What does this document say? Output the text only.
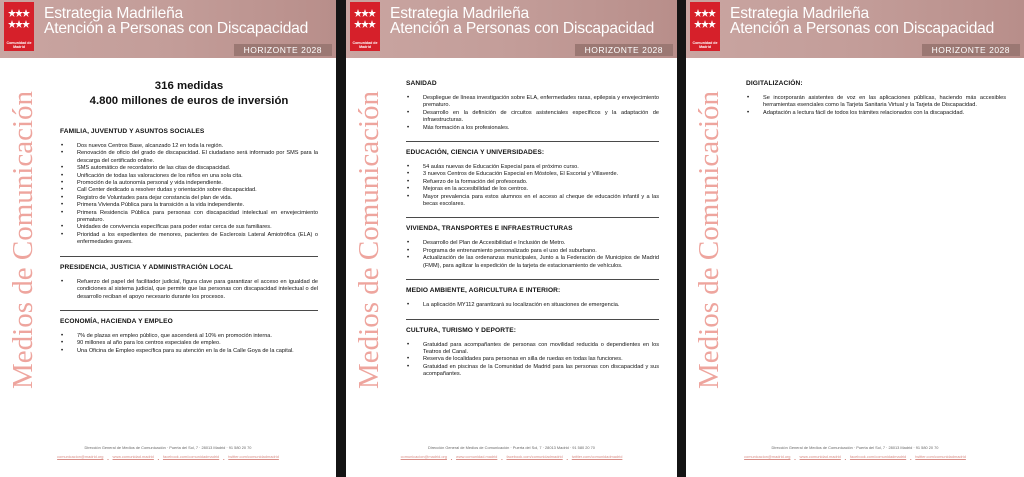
Comunidad de Madrid
Estrategia Madrileña
Atención a Personas con Discapacidad
HORIZONTE 2028
Medios de Comunicación
316 medidas
4.800 millones de euros de inversión
FAMILIA, JUVENTUD Y ASUNTOS SOCIALES
• Dos nuevos Centros Base, alcanzado 12 en toda la región.
• Renovación de oficio del grado de discapacidad. El ciudadano será informado por SMS para la descarga del certificado online.
• SMS automático de recordatorio de las citas de discapacidad.
• Unificación de todas las valoraciones de los niños en una sola cita.
• Promoción de la autonomía personal y vida independiente.
• Call Center dedicado a resolver dudas y orientación sobre discapacidad.
• Registro de Voluntades para dejar constancia del plan de vida.
• Primera Vivienda Pública para la transición a la vida independiente.
• Primera Residencia Pública para personas con discapacidad intelectual en envejecimiento prematuro.
• Unidades de convivencia específicas para poder estar cerca de sus familiares.
• Prioridad a los expedientes de menores, pacientes de Esclerosis Lateral Amiotrófica (ELA) o enfermedades graves.
PRESIDENCIA, JUSTICIA Y ADMINISTRACIÓN LOCAL
• Refuerzo del papel del facilitador judicial, figura clave para garantizar el acceso en igualdad de condiciones al sistema judicial, que permite que las personas con discapacidad intelectual o del desarrollo reciban el apoyo necesario durante los procesos.
ECONOMÍA, HACIENDA Y EMPLEO
• 7% de plazas en empleo público, que ascenderá al 10% en promoción interna.
• 90 millones al año para los centros especiales de empleo.
• Una Oficina de Empleo específica para su atención en la de la Calle Goya de la capital.
Dirección General de Medios de Comunicación · Puerta del Sol, 7 · 28013 Madrid · 91 580 20 70
comunicacion@madrid.org www.comunidad.madrid facebook.com/comunidadmadrid twitter.com/comunidadmadrid
Comunidad de Madrid
Estrategia Madrileña
Atención a Personas con Discapacidad
HORIZONTE 2028
Medios de Comunicación
SANIDAD
• Despliegue de líneas investigación sobre ELA, enfermedades raras, epilepsia y envejecimiento prematuro.
• Desarrollo en la definición de circuitos asistenciales específicos y la adaptación de infraestructuras.
• Más formación a los profesionales.
EDUCACIÓN, CIENCIA Y UNIVERSIDADES:
• 54 aulas nuevas de Educación Especial para el próximo curso.
• 3 nuevos Centros de Educación Especial en Móstoles, El Escorial y Villaverde.
• Refuerzo de la formación del profesorado.
• Mejoras en la accesibilidad de los centros.
• Mayor prevalencia para estos alumnos en el acceso al cheque de educación infantil y a las becas escolares.
VIVIENDA, TRANSPORTES E INFRAESTRUCTURAS
• Desarrollo del Plan de Accesibilidad e Inclusión de Metro.
• Programa de entrenamiento personalizado para el uso del suburbano.
• Actualización de las ordenanzas municipales, Junto a la Federación de Municipios de Madrid (FMM), para agilizar la expedición de la tarjeta de estacionamiento de vehículos.
MEDIO AMBIENTE, AGRICULTURA E INTERIOR:
• La aplicación MY112 garantizará su localización en situaciones de emergencia.
CULTURA, TURISMO Y DEPORTE:
• Gratuidad para acompañantes de personas con movilidad reducida o dependientes en los Teatros del Canal.
• Reserva de localidades para personas en silla de ruedas en todas las funciones.
• Gratuidad en piscinas de la Comunidad de Madrid para las personas con discapacidad y sus acompañantes.
Dirección General de Medios de Comunicación · Puerta del Sol, 7 · 28013 Madrid · 91 580 20 70
comunicacion@madrid.org www.comunidad.madrid facebook.com/comunidadmadrid twitter.com/comunidadmadrid
Comunidad de Madrid
Estrategia Madrileña
Atención a Personas con Discapacidad
HORIZONTE 2028
Medios de Comunicación
DIGITALIZACIÓN:
• Se incorporarán asistentes de voz en las aplicaciones públicas, haciendo más accesibles herramientas esenciales como la Tarjeta Sanitaria Virtual y la Tarjeta de Discapacidad.
• Adaptación a lectura fácil de todos los trámites relacionados con la discapacidad.
Dirección General de Medios de Comunicación · Puerta del Sol, 7 · 28013 Madrid · 91 580 20 70
comunicacion@madrid.org www.comunidad.madrid facebook.com/comunidadmadrid twitter.com/comunidadmadrid
